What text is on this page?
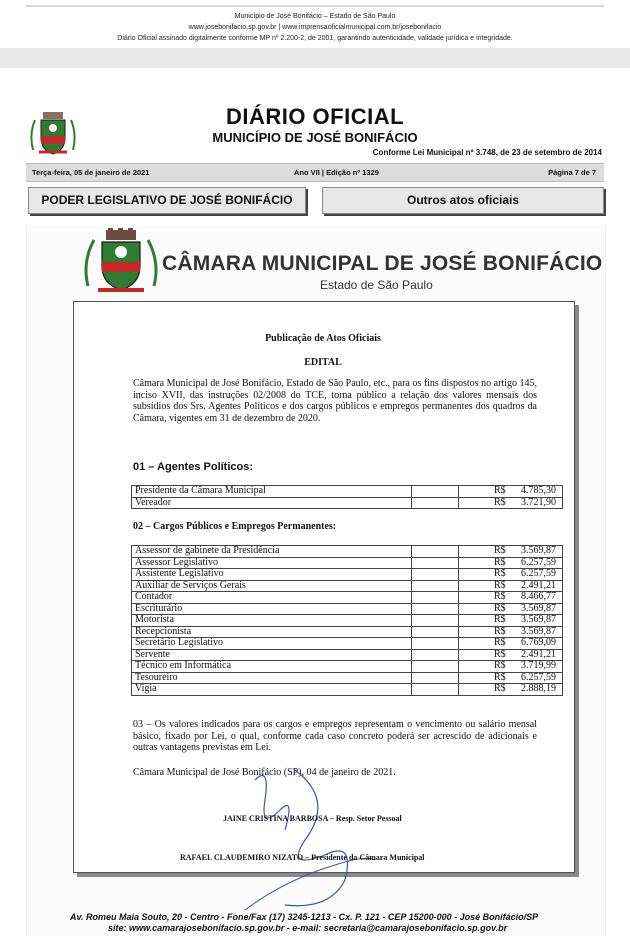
Município de José Bonifácio – Estado de São Paulo
www.josebonifacio.sp.gov.br | www.imprensaoficialmunicipal.com.br/josebonifacio
Diário Oficial assinado digitalmente conforme MP nº 2.200-2, de 2001, garantindo autenticidade, validade jurídica e integridade.
DIÁRIO OFICIAL
MUNICÍPIO DE JOSÉ BONIFÁCIO
Conforme Lei Municipal nº 3.748, de 23 de setembro de 2014
Terça-feira, 05 de janeiro de 2021	Ano VII | Edição nº 1329	Página 7 de 7
PODER LEGISLATIVO DE JOSÉ BONIFÁCIO	Outros atos oficiais
CÂMARA MUNICIPAL DE JOSÉ BONIFÁCIO
Estado de São Paulo
Publicação de Atos Oficiais
EDITAL
Câmara Municipal de José Bonifácio, Estado de São Paulo, etc., para os fins dispostos no artigo 145, inciso XVII, das instruções 02/2008 do TCE, torna público a relação dos valores mensais dos subsídios dos Srs. Agentes Políticos e dos cargos públicos e empregos permanentes dos quadros da Câmara, vigentes em 31 de dezembro de 2020.
01 – Agentes Políticos:
Presidente da Câmara Municipal		R$	4.785,30
Vereador		R$	3.721,90
02 – Cargos Públicos e Empregos Permanentes:
Assessor de gabinete da Presidência		R$	3.569,87
Assessor Legislativo		R$	6.257,59
Assistente Legislativo		R$	6.257,59
Auxiliar de Serviços Gerais		R$	2.491,21
Contador		R$	8.466,77
Escriturário		R$	3.569,87
Motorista		R$	3.569,87
Recepcionista		R$	3.569,87
Secretário Legislativo		R$	6.769,09
Servente		R$	2.491,21
Técnico em Informática		R$	3.719,99
Tesoureiro		R$	6.257,59
Vigia		R$	2.888,19
03 – Os valores indicados para os cargos e empregos representam o vencimento ou salário mensal básico, fixado por Lei, o qual, conforme cada caso concreto poderá ser acrescido de adicionais e outras vantagens previstas em Lei.
Câmara Municipal de José Bonifácio (SP), 04 de janeiro de 2021.
JAINE CRISTINA BARBOSA – Resp. Setor Pessoal
RAFAEL CLAUDEMIRO NIZATO – Presidente da Câmara Municipal
Av. Romeu Maia Souto, 20 - Centro - Fone/Fax (17) 3245-1213 - Cx. P. 121 - CEP 15200-000 - José Bonifácio/SP
site: www.camarajosebonifacio.sp.gov.br - e-mail: secretaria@camarajosebonifacio.sp.gov.br
